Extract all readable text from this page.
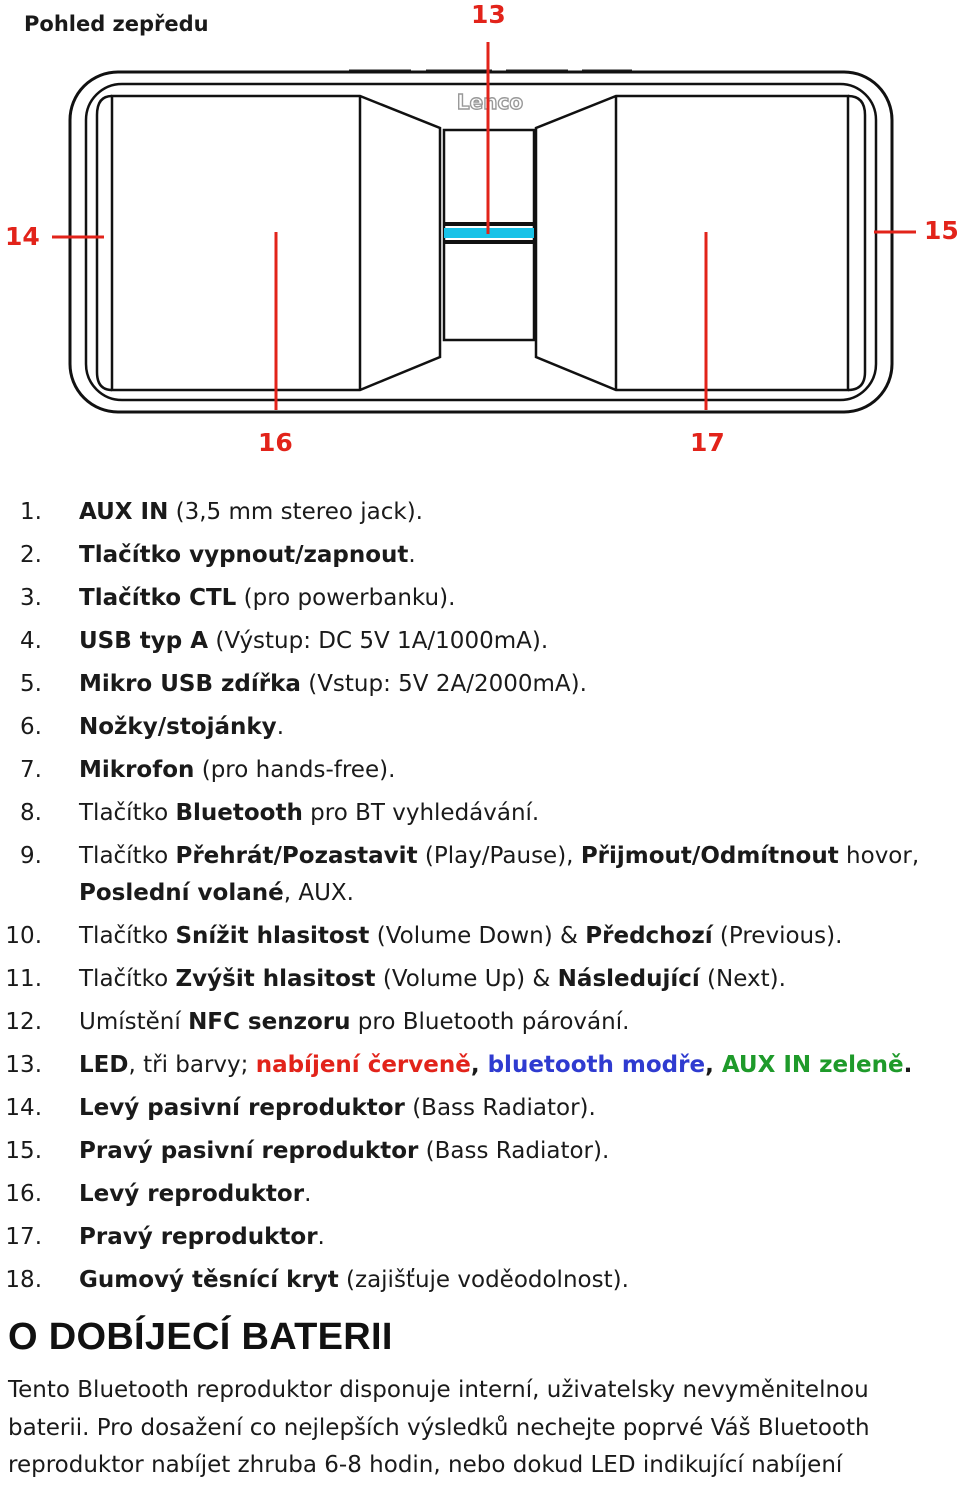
Pohled zepředu
Lenco
13
14	15
16	17
1. AUX IN (3,5 mm stereo jack).
2. Tlačítko vypnout/zapnout.
3. Tlačítko CTL (pro powerbanku).
4. USB typ A (Výstup: DC 5V 1A/1000mA).
5. Mikro USB zdířka (Vstup: 5V 2A/2000mA).
6. Nožky/stojánky.
7. Mikrofon (pro hands-free).
8. Tlačítko Bluetooth pro BT vyhledávání.
9. Tlačítko Přehrát/Pozastavit (Play/Pause), Přijmout/Odmítnout hovor, Poslední volané, AUX.
10. Tlačítko Snížit hlasitost (Volume Down) & Předchozí (Previous).
11. Tlačítko Zvýšit hlasitost (Volume Up) & Následující (Next).
12. Umístění NFC senzoru pro Bluetooth párování.
13. LED, tři barvy; nabíjení červeně, bluetooth modře, AUX IN zeleně.
14. Levý pasivní reproduktor (Bass Radiator).
15. Pravý pasivní reproduktor (Bass Radiator).
16. Levý reproduktor.
17. Pravý reproduktor.
18. Gumový těsnící kryt (zajišťuje voděodolnost).
O DOBÍJECÍ BATERII

Tento Bluetooth reproduktor disponuje interní, uživatelsky nevyměnitelnou baterii. Pro dosažení co nejlepších výsledků nechejte poprvé Váš Bluetooth reproduktor nabíjet zhruba 6-8 hodin, nebo dokud LED indikující nabíjení
